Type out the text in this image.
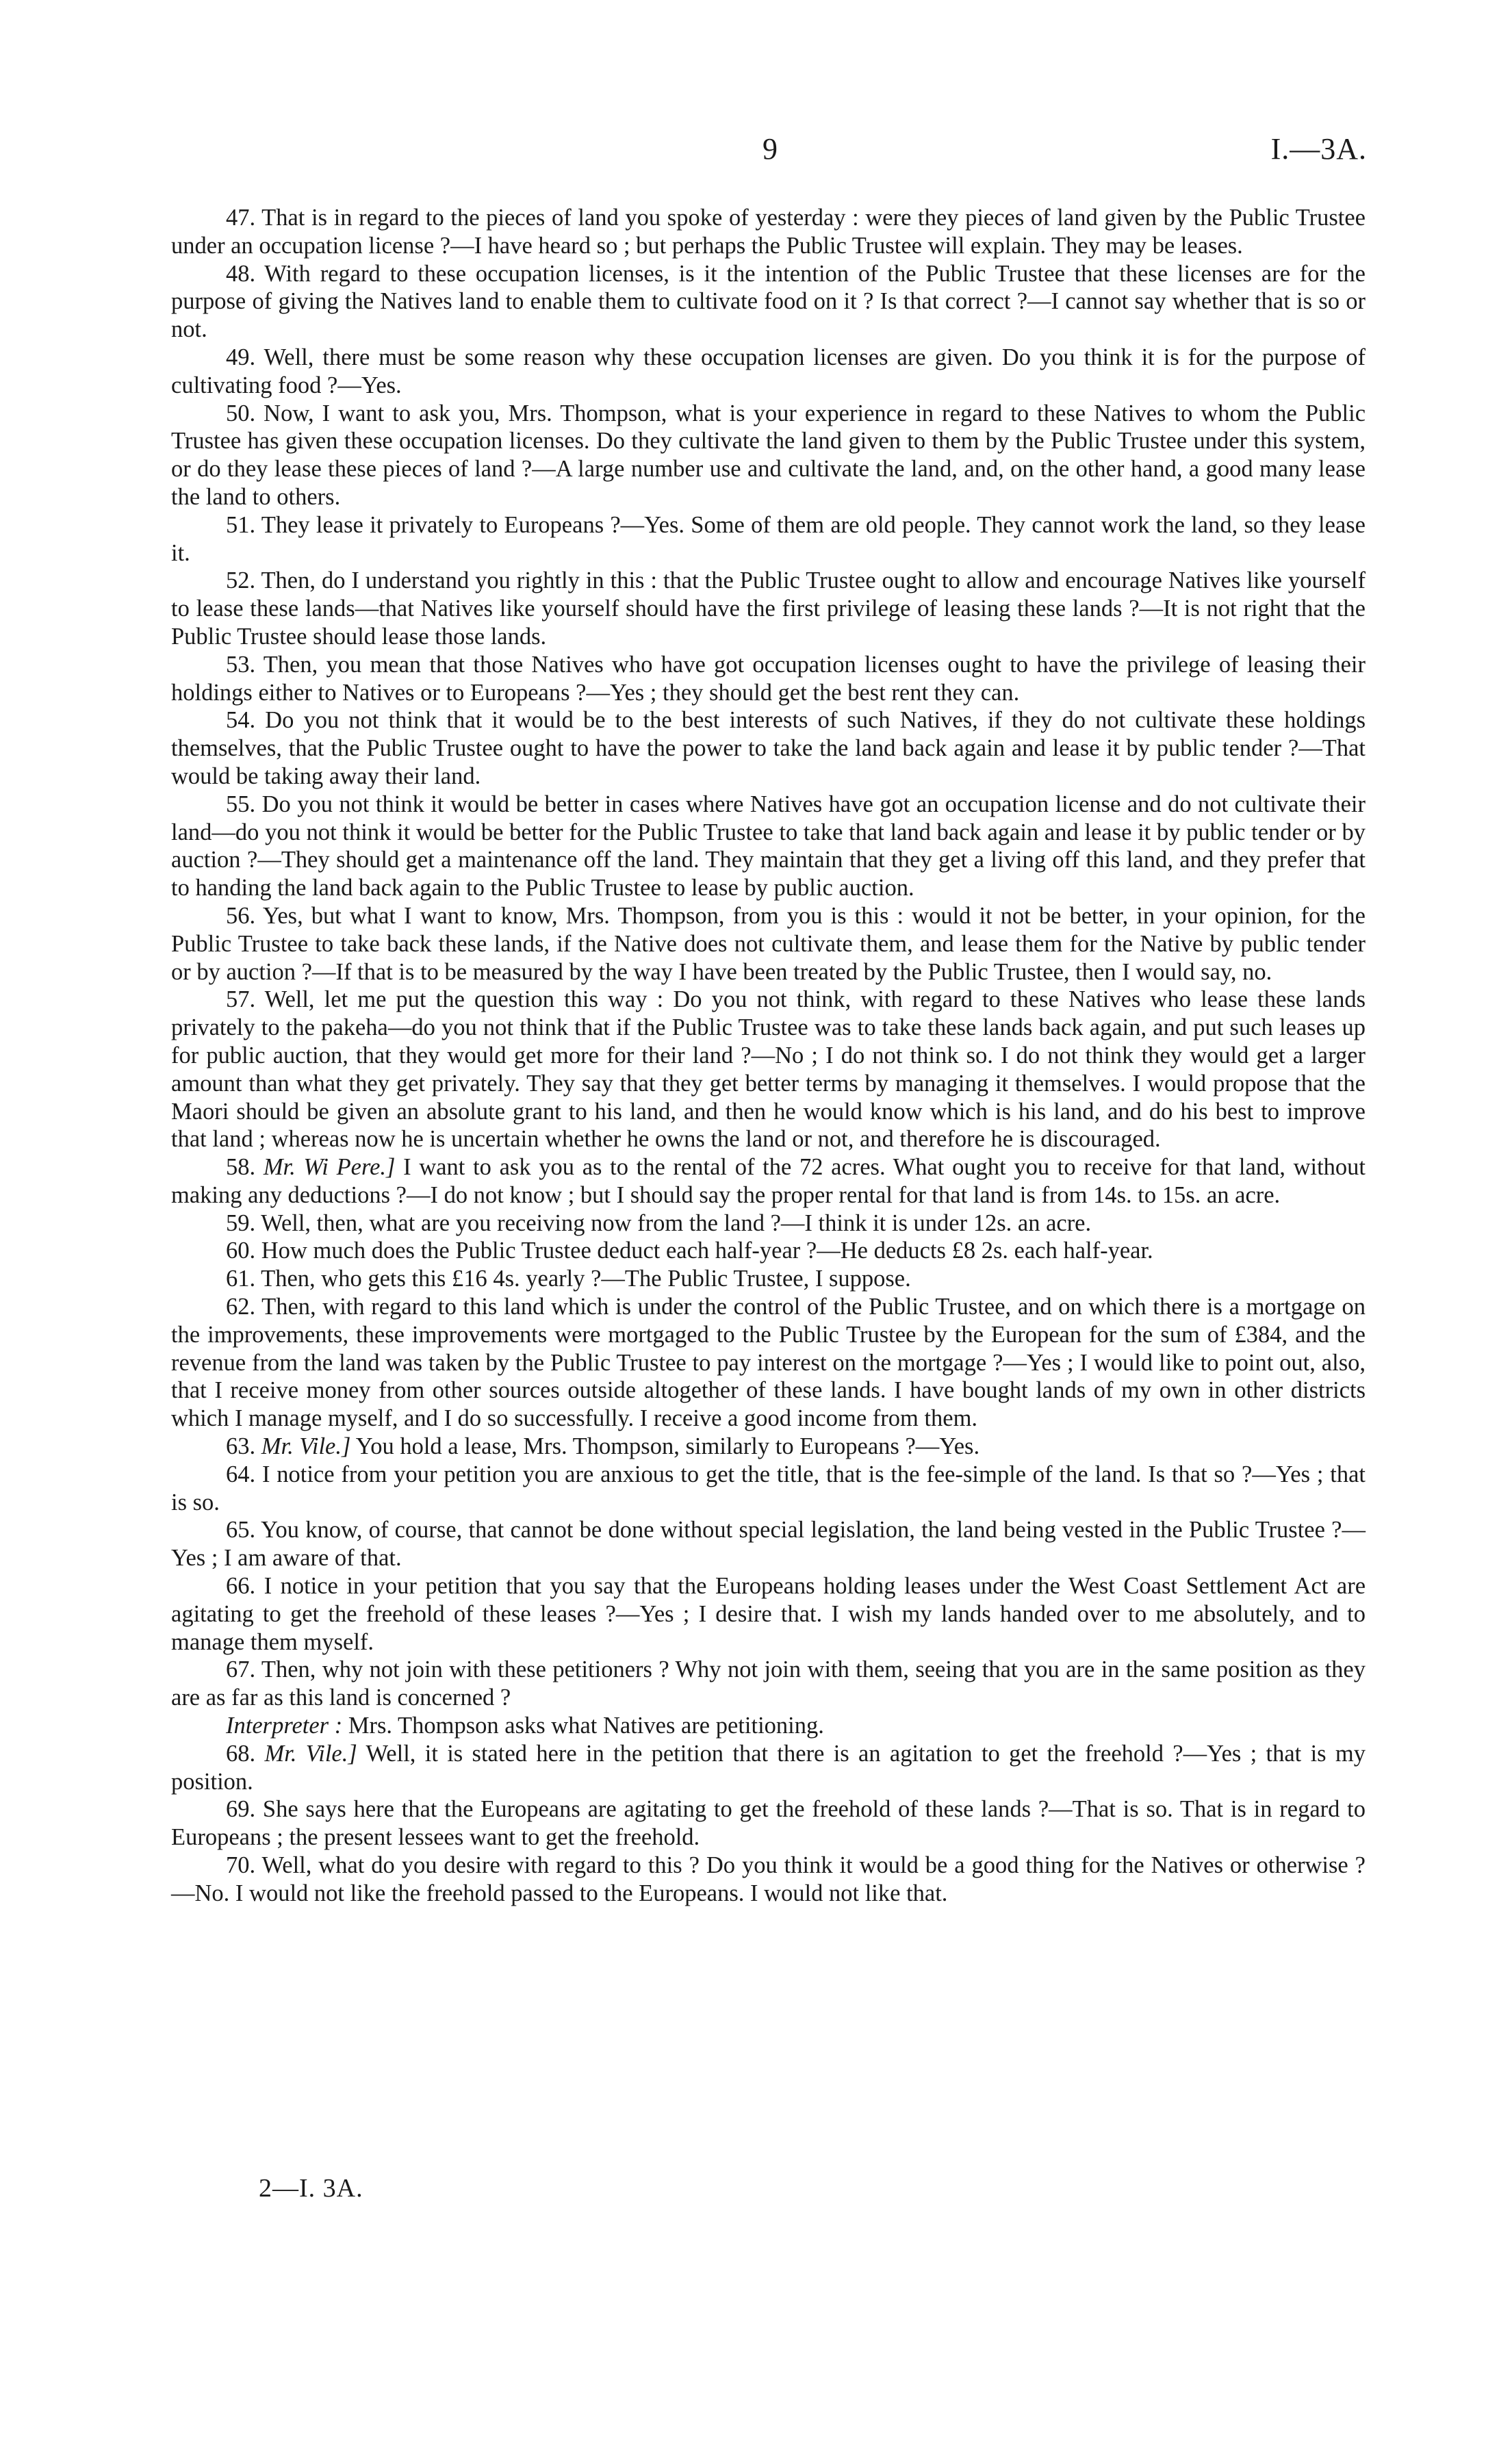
9	I.—3A.

47. That is in regard to the pieces of land you spoke of yesterday : were they pieces of land given by the Public Trustee under an occupation license ?—I have heard so ; but perhaps the Public Trustee will explain. They may be leases.

48. With regard to these occupation licenses, is it the intention of the Public Trustee that these licenses are for the purpose of giving the Natives land to enable them to cultivate food on it ? Is that correct ?—I cannot say whether that is so or not.

49. Well, there must be some reason why these occupation licenses are given. Do you think it is for the purpose of cultivating food ?—Yes.

50. Now, I want to ask you, Mrs. Thompson, what is your experience in regard to these Natives to whom the Public Trustee has given these occupation licenses. Do they cultivate the land given to them by the Public Trustee under this system, or do they lease these pieces of land ?—A large number use and cultivate the land, and, on the other hand, a good many lease the land to others.

51. They lease it privately to Europeans ?—Yes. Some of them are old people. They cannot work the land, so they lease it.

52. Then, do I understand you rightly in this : that the Public Trustee ought to allow and encourage Natives like yourself to lease these lands—that Natives like yourself should have the first privilege of leasing these lands ?—It is not right that the Public Trustee should lease those lands.

53. Then, you mean that those Natives who have got occupation licenses ought to have the privilege of leasing their holdings either to Natives or to Europeans ?—Yes ; they should get the best rent they can.

54. Do you not think that it would be to the best interests of such Natives, if they do not cultivate these holdings themselves, that the Public Trustee ought to have the power to take the land back again and lease it by public tender ?—That would be taking away their land.

55. Do you not think it would be better in cases where Natives have got an occupation license and do not cultivate their land—do you not think it would be better for the Public Trustee to take that land back again and lease it by public tender or by auction ?—They should get a maintenance off the land. They maintain that they get a living off this land, and they prefer that to handing the land back again to the Public Trustee to lease by public auction.

56. Yes, but what I want to know, Mrs. Thompson, from you is this : would it not be better, in your opinion, for the Public Trustee to take back these lands, if the Native does not cultivate them, and lease them for the Native by public tender or by auction ?—If that is to be measured by the way I have been treated by the Public Trustee, then I would say, no.

57. Well, let me put the question this way : Do you not think, with regard to these Natives who lease these lands privately to the pakeha—do you not think that if the Public Trustee was to take these lands back again, and put such leases up for public auction, that they would get more for their land ?—No ; I do not think so. I do not think they would get a larger amount than what they get privately. They say that they get better terms by managing it themselves. I would propose that the Maori should be given an absolute grant to his land, and then he would know which is his land, and do his best to improve that land ; whereas now he is uncertain whether he owns the land or not, and therefore he is discouraged.

58. Mr. Wi Pere.] I want to ask you as to the rental of the 72 acres. What ought you to receive for that land, without making any deductions ?—I do not know ; but I should say the proper rental for that land is from 14s. to 15s. an acre.

59. Well, then, what are you receiving now from the land ?—I think it is under 12s. an acre.

60. How much does the Public Trustee deduct each half-year ?—He deducts £8 2s. each half-year.

61. Then, who gets this £16 4s. yearly ?—The Public Trustee, I suppose.

62. Then, with regard to this land which is under the control of the Public Trustee, and on which there is a mortgage on the improvements, these improvements were mortgaged to the Public Trustee by the European for the sum of £384, and the revenue from the land was taken by the Public Trustee to pay interest on the mortgage ?—Yes ; I would like to point out, also, that I receive money from other sources outside altogether of these lands. I have bought lands of my own in other districts which I manage myself, and I do so successfully. I receive a good income from them.

63. Mr. Vile.] You hold a lease, Mrs. Thompson, similarly to Europeans ?—Yes.

64. I notice from your petition you are anxious to get the title, that is the fee-simple of the land. Is that so ?—Yes ; that is so.

65. You know, of course, that cannot be done without special legislation, the land being vested in the Public Trustee ?—Yes ; I am aware of that.

66. I notice in your petition that you say that the Europeans holding leases under the West Coast Settlement Act are agitating to get the freehold of these leases ?—Yes ; I desire that. I wish my lands handed over to me absolutely, and to manage them myself.

67. Then, why not join with these petitioners ? Why not join with them, seeing that you are in the same position as they are as far as this land is concerned ?

Interpreter : Mrs. Thompson asks what Natives are petitioning.

68. Mr. Vile.] Well, it is stated here in the petition that there is an agitation to get the freehold ?—Yes ; that is my position.

69. She says here that the Europeans are agitating to get the freehold of these lands ?—That is so. That is in regard to Europeans ; the present lessees want to get the freehold.

70. Well, what do you desire with regard to this ? Do you think it would be a good thing for the Natives or otherwise ?—No. I would not like the freehold passed to the Europeans. I would not like that.

2—I. 3A.
